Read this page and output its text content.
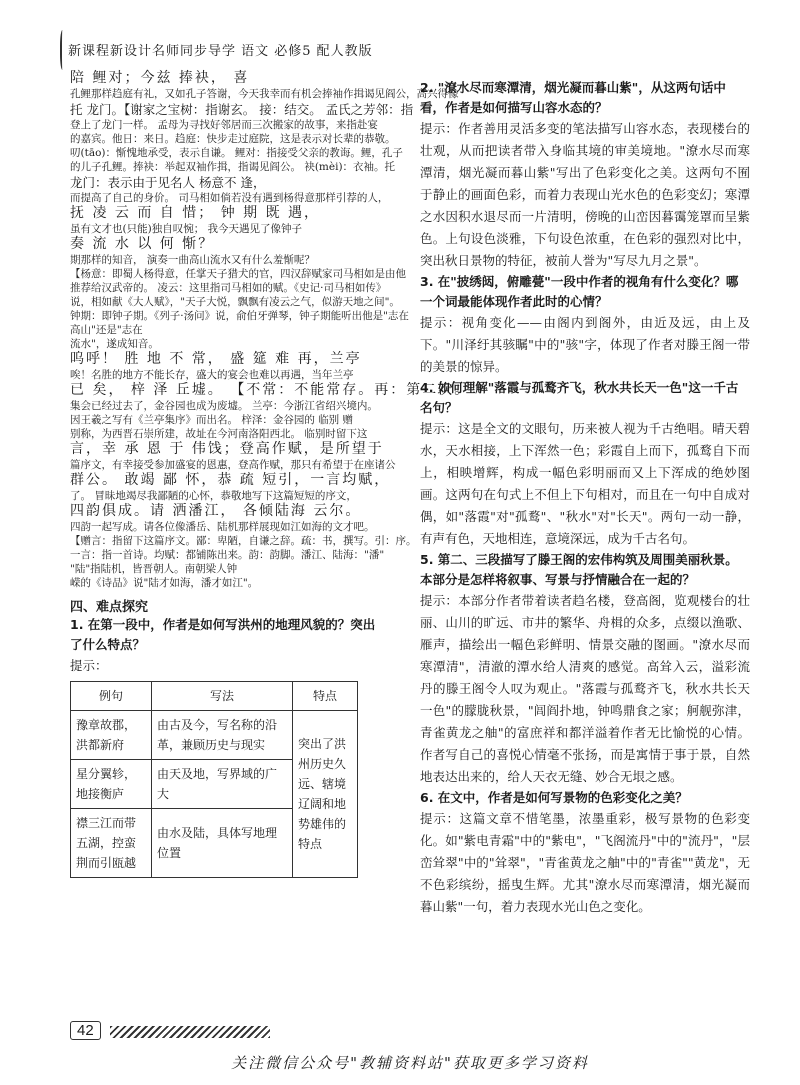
新课程新设计名师同步导学 语文 必修5 配人教版
陪 鲤对；今兹 捧袂， 喜
孔鲤那样趋庭有礼，又如孔子答谢，今天我幸而有机会捧袖作揖谒见阎公，高兴得像
托 龙门。【谢家之宝树：指谢玄。 接：结交。 孟氏之芳邻：指
登上了龙门一样。 孟母为寻找好邻居而三次搬家的故事，来指赴宴
的嘉宾。他日：来日。趋庭：快步走过庭院，这是表示对长辈的恭敬。
叨(tāo)：惭愧地承受，表示自谦。 鲤对：指接受父亲的教诲。鲤，孔子
的儿子孔鲤。捧袂：举起双袖作揖，指谒见阎公。 袂(mèi)：衣袖。托
龙门：表示由于见名人 杨意不 逢，
而提高了自己的身价。 司马相如倘若没有遇到杨得意那样引荐的人，
抚 凌 云 而 自 惜； 钟 期 既 遇，
虽有文才也(只能)独自叹惋； 我今天遇见了像钟子
奏 流 水 以 何 惭？
期那样的知音， 演奏一曲高山流水又有什么羞惭呢？
【杨意：即蜀人杨得意，任掌天子猎犬的官，四汉辞赋家司马相如是由他
推荐给汉武帝的。 凌云：这里指司马相如的赋。《史记·司马相如传》
说，相如献《大人赋》，"天子大悦，飘飘有凌云之气，似游天地之间"。
钟期：即钟子期。《列子·汤问》说，俞伯牙弹琴，钟子期能听出他是"志在
高山"还是"志在
流水"，遂成知音。
呜呼！ 胜 地 不 常， 盛 筵 难 再，兰亭
唉！名胜的地方不能长存，盛大的宴会也难以再遇，当年兰亭
已 矣， 梓 泽 丘墟。 【不常：不能常存。再：第二次。
集会已经过去了，金谷园也成为废墟。 兰亭：今浙江省绍兴境内。
因王羲之写有《兰亭集序》而出名。 梓泽：金谷园的 临别 赠
别称，为西晋石崇所建，故址在今河南洛阳西北。 临别时留下这
言，幸 承 恩 于 伟饯；登高作赋，是所望于
篇序文，有幸接受参加盛宴的恩惠，登高作赋，那只有希望于在座诸公
群公。 敢竭 鄙 怀，恭 疏 短引，一言均赋，
了。 冒昧地竭尽我鄙陋的心怀，恭敬地写下这篇短短的序文，
四韵俱成。请 洒潘江， 各倾陆海 云尔。
四韵一起写成。请各位像潘岳、陆机那样展现如江如海的文才吧。
【赠言：指留下这篇序文。鄙：卑陋，自谦之辞。疏：书，撰写。引：序。
一言：指一首诗。均赋：都铺陈出来。韵：韵脚。潘江、陆海："潘"
"陆"指陆机，皆晋朝人。南朝梁人钟
嵘的《诗品》说"陆才如海，潘才如江"。
四、难点探究
1. 在第一段中，作者是如何写洪州的地理风貌的？突出了什么特点？
提示：
例句	写法	特点
豫章故郡，洪都新府	由古及今，写名称的沿革，兼顾历史与现实	突出了洪州历史久远、辖境辽阔和地势雄伟的特点
星分翼轸，地接衡庐	由天及地，写界域的广大	
襟三江而带五湖，控蛮荆而引瓯越	由水及陆，具体写地理位置	
2. "潦水尽而寒潭清，烟光凝而暮山紫"，从这两句话中看，作者是如何描写山容水态的？
提示：作者善用灵活多变的笔法描写山容水态，表现楼台的壮观，从而把读者带入身临其境的审美境地。"潦水尽而寒潭清，烟光凝而暮山紫"写出了色彩变化之美。这两句不囿于静止的画面色彩，而着力表现山光水色的色彩变幻；寒潭之水因积水退尽而一片清明，傍晚的山峦因暮霭笼罩而呈紫色。上句设色淡雅，下句设色浓重，在色彩的强烈对比中，突出秋日景物的特征，被前人誉为"写尽九月之景"。
3. 在"披绣闼，俯雕甍"一段中作者的视角有什么变化？哪一个词最能体现作者此时的心情？
提示：视角变化——由阁内到阁外，由近及远，由上及下。"川泽纡其骇瞩"中的"骇"字，体现了作者对滕王阁一带的美景的惊异。
4. 如何理解"落霞与孤鹜齐飞，秋水共长天一色"这一千古名句？
提示：这是全文的文眼句，历来被人视为千古绝唱。晴天碧水，天水相接，上下浑然一色；彩霞自上而下，孤鹜自下而上，相映增辉，构成一幅色彩明丽而又上下浑成的绝妙图画。这两句在句式上不但上下句相对，而且在一句中自成对偶，如"落霞"对"孤鹜"、"秋水"对"长天"。两句一动一静，有声有色，天地相连，意境深远，成为千古名句。
5. 第二、三段描写了滕王阁的宏伟构筑及周围美丽秋景。本部分是怎样将叙事、写景与抒情融合在一起的？
提示：本部分作者带着读者趋名楼，登高阁，览观楼台的壮丽、山川的旷远、市井的繁华、舟楫的众多，点缀以渔歌、雁声，描绘出一幅色彩鲜明、情景交融的图画。"潦水尽而寒潭清"，清澈的潭水给人清爽的感觉。高耸入云，溢彩流丹的滕王阁令人叹为观止。"落霞与孤鹜齐飞，秋水共长天一色"的朦胧秋景，"闾阎扑地，钟鸣鼎食之家；舸舰弥津，青雀黄龙之舳"的富庶祥和都洋溢着作者无比愉悦的心情。作者写自己的喜悦心情毫不张扬，而是寓情于事于景，自然地表达出来的，给人天衣无缝、妙合无垠之感。
6. 在文中，作者是如何写景物的色彩变化之美？
提示：这篇文章不惜笔墨，浓墨重彩，极写景物的色彩变化。如"紫电青霜"中的"紫电"，"飞阁流丹"中的"流丹"，"层峦耸翠"中的"耸翠"，"青雀黄龙之舳"中的"青雀""黄龙"，无不色彩缤纷，摇曳生辉。尤其"潦水尽而寒潭清，烟光凝而暮山紫"一句，着力表现水光山色之变化。
42
关注微信公众号"教辅资料站"获取更多学习资料
